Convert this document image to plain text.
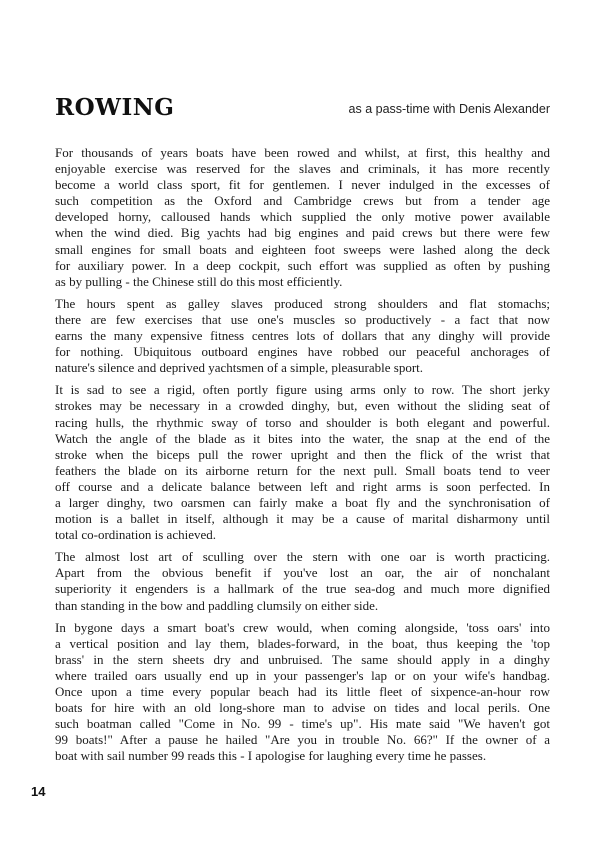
ROWING	as a pass-time with Denis Alexander
For thousands of years boats have been rowed and whilst, at first, this healthy and
enjoyable exercise was reserved for the slaves and criminals, it has more recently
become a world class sport, fit for gentlemen. I never indulged in the excesses of
such competition as the Oxford and Cambridge crews but from a tender age
developed horny, calloused hands which supplied the only motive power available
when the wind died. Big yachts had big engines and paid crews but there were few
small engines for small boats and eighteen foot sweeps were lashed along the deck
for auxiliary power. In a deep cockpit, such effort was supplied as often by pushing
as by pulling - the Chinese still do this most efficiently.
The hours spent as galley slaves produced strong shoulders and flat stomachs;
there are few exercises that use one's muscles so productively - a fact that now
earns the many expensive fitness centres lots of dollars that any dinghy will provide
for nothing. Ubiquitous outboard engines have robbed our peaceful anchorages of
nature's silence and deprived yachtsmen of a simple, pleasurable sport.
It is sad to see a rigid, often portly figure using arms only to row. The short jerky
strokes may be necessary in a crowded dinghy, but, even without the sliding seat of
racing hulls, the rhythmic sway of torso and shoulder is both elegant and powerful.
Watch the angle of the blade as it bites into the water, the snap at the end of the
stroke when the biceps pull the rower upright and then the flick of the wrist that
feathers the blade on its airborne return for the next pull. Small boats tend to veer
off course and a delicate balance between left and right arms is soon perfected. In
a larger dinghy, two oarsmen can fairly make a boat fly and the synchronisation of
motion is a ballet in itself, although it may be a cause of marital disharmony until
total co-ordination is achieved.
The almost lost art of sculling over the stern with one oar is worth practicing.
Apart from the obvious benefit if you've lost an oar, the air of nonchalant
superiority it engenders is a hallmark of the true sea-dog and much more dignified
than standing in the bow and paddling clumsily on either side.
In bygone days a smart boat's crew would, when coming alongside, 'toss oars' into
a vertical position and lay them, blades-forward, in the boat, thus keeping the 'top
brass' in the stern sheets dry and unbruised. The same should apply in a dinghy
where trailed oars usually end up in your passenger's lap or on your wife's handbag.
Once upon a time every popular beach had its little fleet of sixpence-an-hour row
boats for hire with an old long-shore man to advise on tides and local perils. One
such boatman called "Come in No. 99 - time's up". His mate said "We haven't got
99 boats!" After a pause he hailed "Are you in trouble No. 66?" If the owner of a
boat with sail number 99 reads this - I apologise for laughing every time he passes.
14
